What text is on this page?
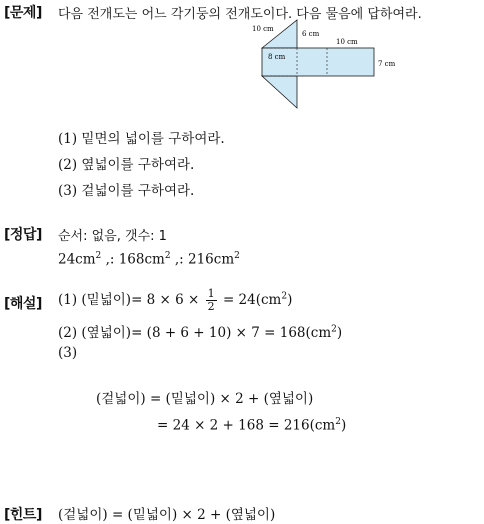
[문제] 다음 전개도는 어느 각기둥의 전개도이다. 다음 물음에 답하여라.
10 cm
6 cm
8 cm
10 cm
7 cm
(1) 밑면의 넓이를 구하여라.
(2) 옆넓이를 구하여라.
(3) 겉넓이를 구하여라.
[정답] 순서: 없음, 갯수: 1
$24cm^2$ ,: $168cm^2$ ,: $216cm^2$
[해설] (1) (밑넓이)= $8 \times 6 \times \frac{1}{2} = 24(cm^2)$
(2) (옆넓이)= $(8 + 6 + 10) \times 7 = 168(cm^2)$
(3)
(겉넓이) = (밑넓이) × 2 + (옆넓이)
= $24 \times 2 + 168 = 216(cm^2)$
[힌트] (겉넓이) = (밑넓이) × 2 + (옆넓이)
